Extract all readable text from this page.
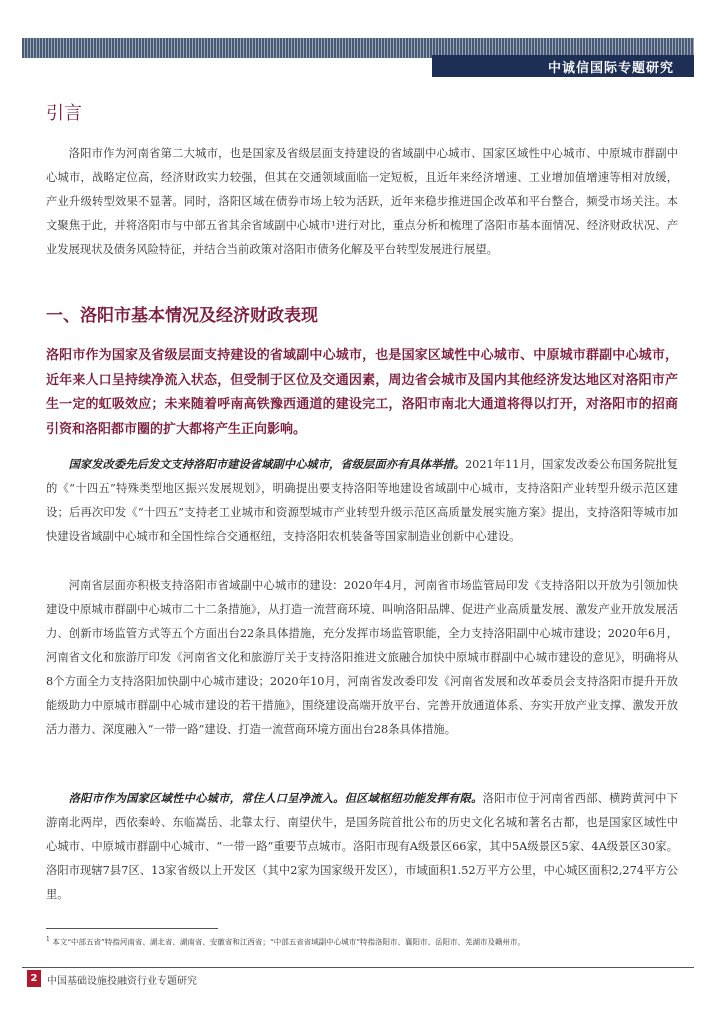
中诚信国际专题研究
引言

洛阳市作为河南省第二大城市，也是国家及省级层面支持建设的省域副中心城市、国家区域性中心城市、中原城市群副中心城市，战略定位高，经济财政实力较强，但其在交通领域面临一定短板，且近年来经济增速、工业增加值增速等相对放缓，产业升级转型效果不显著。同时，洛阳区域在债券市场上较为活跃，近年来稳步推进国企改革和平台整合，频受市场关注。本文聚焦于此，并将洛阳市与中部五省其余省域副中心城市¹进行对比，重点分析和梳理了洛阳市基本面情况、经济财政状况、产业发展现状及债务风险特征，并结合当前政策对洛阳市债务化解及平台转型发展进行展望。

一、洛阳市基本情况及经济财政表现

洛阳市作为国家及省级层面支持建设的省域副中心城市，也是国家区域性中心城市、中原城市群副中心城市，近年来人口呈持续净流入状态，但受制于区位及交通因素，周边省会城市及国内其他经济发达地区对洛阳市产生一定的虹吸效应；未来随着呼南高铁豫西通道的建设完工，洛阳市南北大通道将得以打开，对洛阳市的招商引资和洛阳都市圈的扩大都将产生正向影响。

国家发改委先后发文支持洛阳市建设省域副中心城市，省级层面亦有具体举措。2021年11月，国家发改委公布国务院批复的《“十四五”特殊类型地区振兴发展规划》，明确提出要支持洛阳等地建设省域副中心城市，支持洛阳产业转型升级示范区建设；后再次印发《“十四五”支持老工业城市和资源型城市产业转型升级示范区高质量发展实施方案》提出，支持洛阳等城市加快建设省域副中心城市和全国性综合交通枢纽，支持洛阳农机装备等国家制造业创新中心建设。

河南省层面亦积极支持洛阳市省域副中心城市的建设：2020年4月，河南省市场监管局印发《支持洛阳以开放为引领加快建设中原城市群副中心城市二十二条措施》，从打造一流营商环境、叫响洛阳品牌、促进产业高质量发展、激发产业开放发展活力、创新市场监管方式等五个方面出台22条具体措施，充分发挥市场监管职能，全力支持洛阳副中心城市建设；2020年6月，河南省文化和旅游厅印发《河南省文化和旅游厅关于支持洛阳推进文旅融合加快中原城市群副中心城市建设的意见》，明确将从8个方面全力支持洛阳加快副中心城市建设；2020年10月，河南省发改委印发《河南省发展和改革委员会支持洛阳市提升开放能级助力中原城市群副中心城市建设的若干措施》，围绕建设高端开放平台、完善开放通道体系、夯实开放产业支撑、激发开放活力潜力、深度融入“一带一路”建设、打造一流营商环境方面出台28条具体措施。

洛阳市作为国家区域性中心城市，常住人口呈净流入。但区域枢纽功能发挥有限。洛阳市位于河南省西部、横跨黄河中下游南北两岸，西依秦岭、东临嵩岳、北靠太行、南望伏牛，是国务院首批公布的历史文化名城和著名古都，也是国家区域性中心城市、中原城市群副中心城市、“一带一路”重要节点城市。洛阳市现有A级景区66家，其中5A级景区5家、4A级景区30家。洛阳市现辖7县7区、13家省级以上开发区（其中2家为国家级开发区），市域面积1.52万平方公里，中心城区面积2,274平方公里。

$^1$ 本文“中部五省”特指河南省、湖北省、湖南省、安徽省和江西省；“中部五省省域副中心城市”特指洛阳市、襄阳市、岳阳市、芜湖市及赣州市。

2 中国基础设施投融资行业专题研究
